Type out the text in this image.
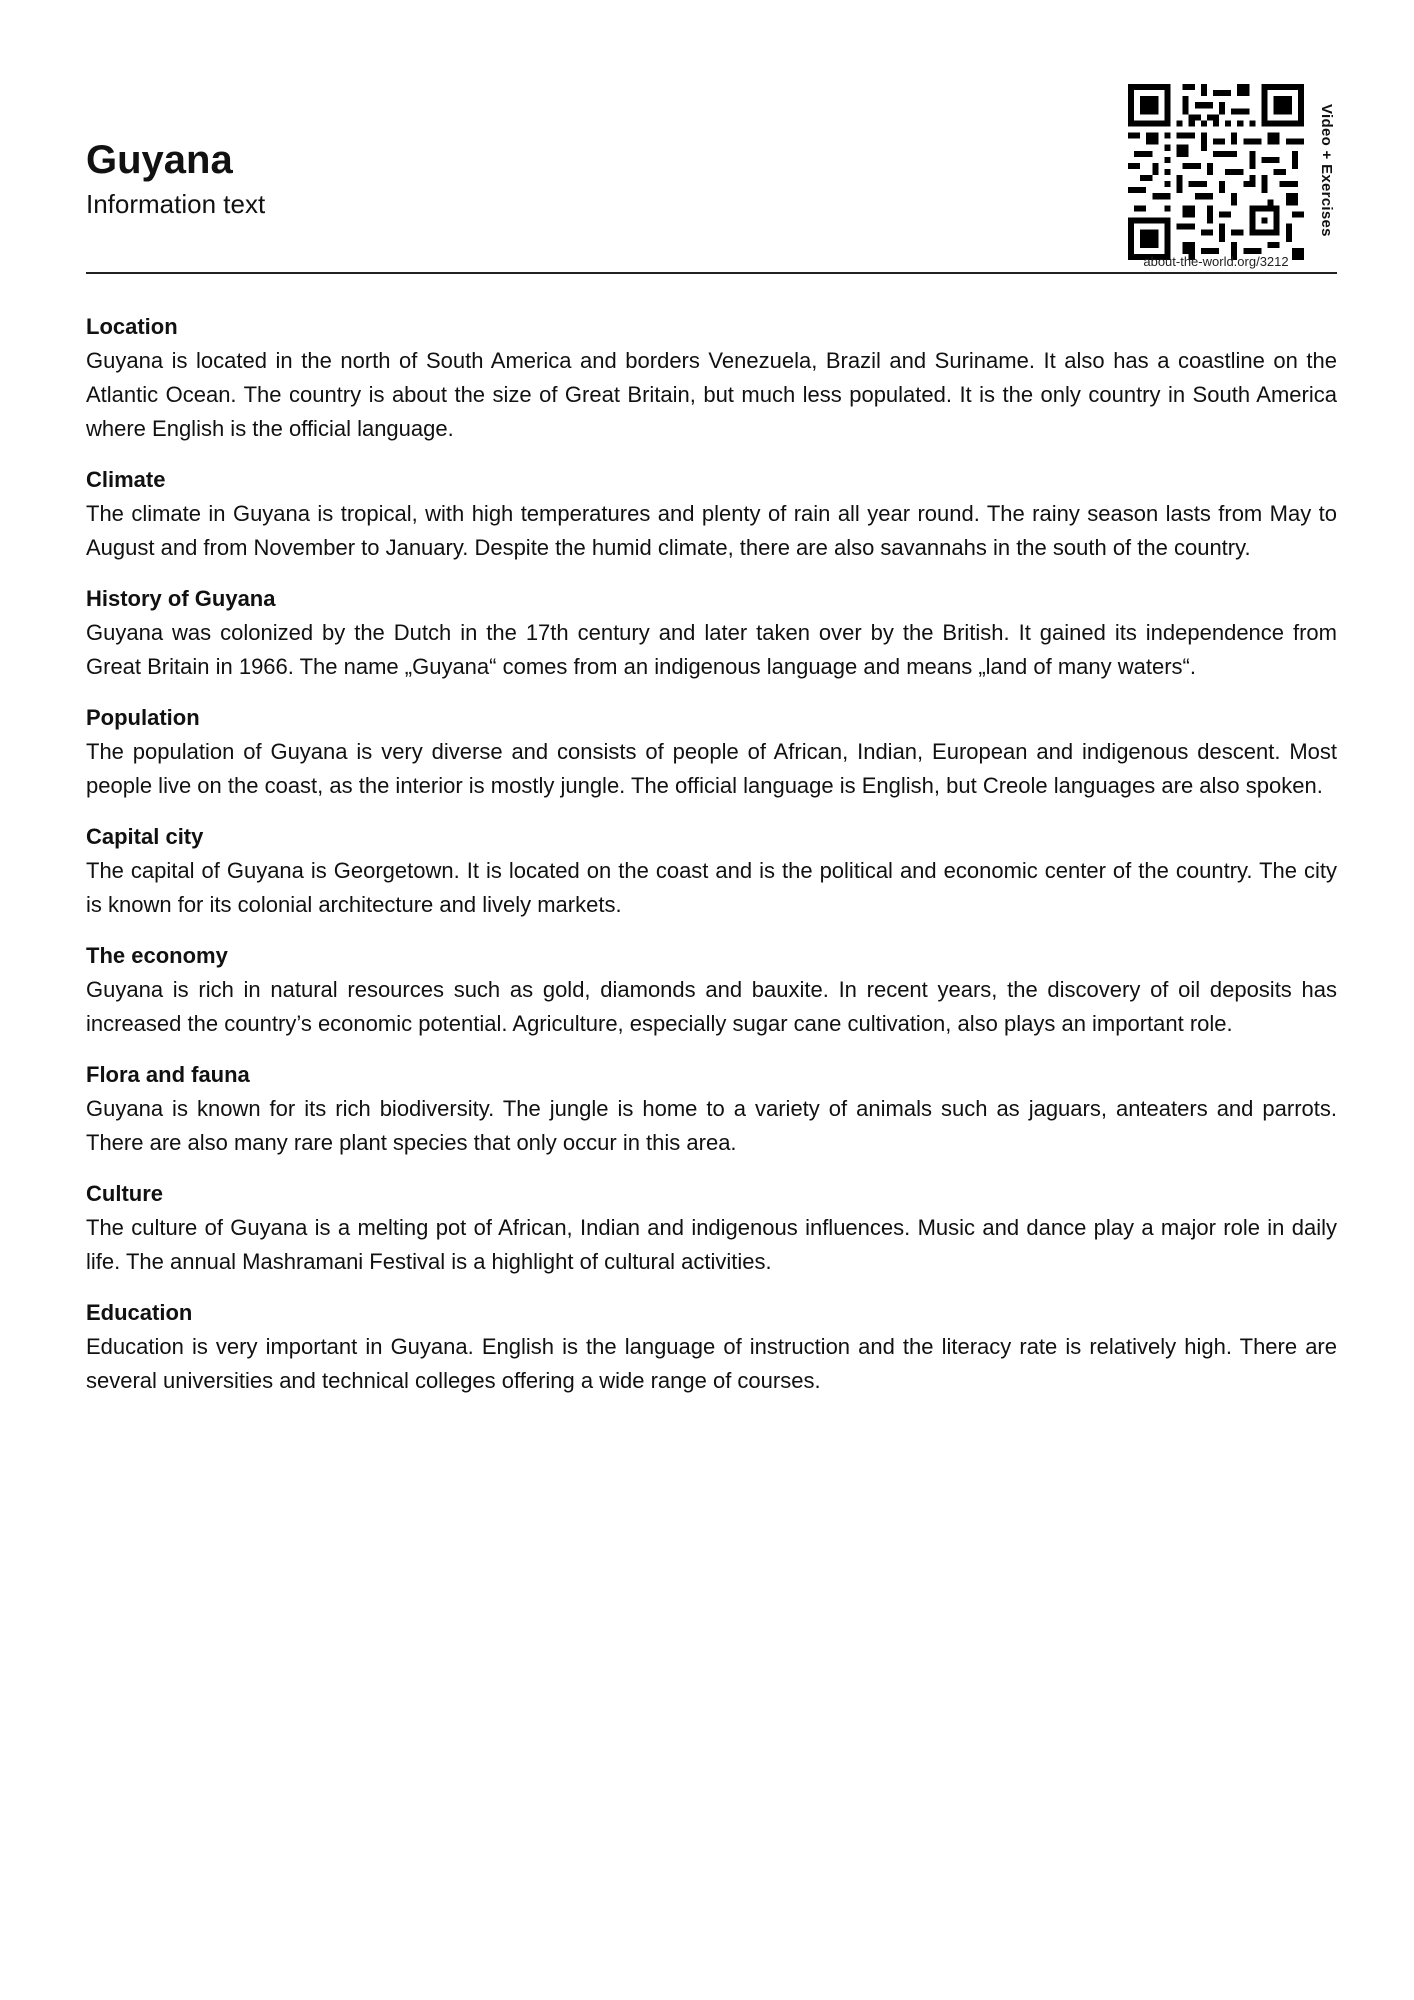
Guyana
Information text	Video + Exercises
about-the-world.org/3212
Location

Guyana is located in the north of South America and borders Venezuela, Brazil and Suriname. It also has a coastline on the Atlantic Ocean. The country is about the size of Great Britain, but much less populated. It is the only country in South America where English is the official language.

Climate

The climate in Guyana is tropical, with high temperatures and plenty of rain all year round. The rainy season lasts from May to August and from November to January. Despite the humid climate, there are also savannahs in the south of the country.

History of Guyana

Guyana was colonized by the Dutch in the 17th century and later taken over by the British. It gained its independence from Great Britain in 1966. The name „Guyana“ comes from an indigenous language and means „land of many waters“.

Population

The population of Guyana is very diverse and consists of people of African, Indian, European and indigenous descent. Most people live on the coast, as the interior is mostly jungle. The official language is English, but Creole languages are also spoken.

Capital city

The capital of Guyana is Georgetown. It is located on the coast and is the political and economic center of the country. The city is known for its colonial architecture and lively markets.

The economy

Guyana is rich in natural resources such as gold, diamonds and bauxite. In recent years, the discovery of oil deposits has increased the country’s economic potential. Agriculture, especially sugar cane cultivation, also plays an important role.

Flora and fauna

Guyana is known for its rich biodiversity. The jungle is home to a variety of animals such as jaguars, anteaters and parrots. There are also many rare plant species that only occur in this area.

Culture

The culture of Guyana is a melting pot of African, Indian and indigenous influences. Music and dance play a major role in daily life. The annual Mashramani Festival is a highlight of cultural activities.

Education

Education is very important in Guyana. English is the language of instruction and the literacy rate is relatively high. There are several universities and technical colleges offering a wide range of courses.
